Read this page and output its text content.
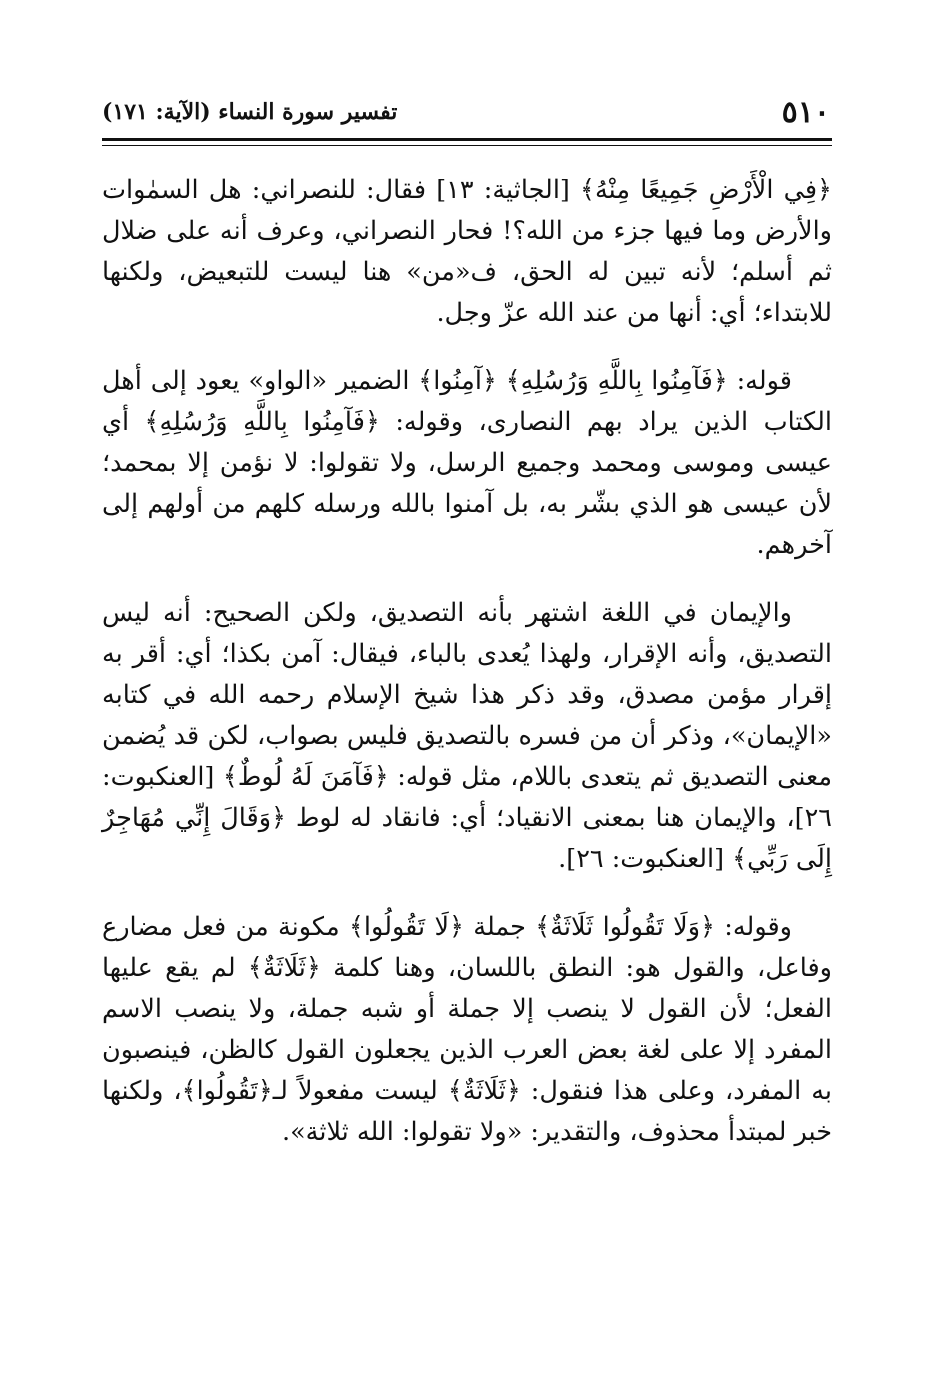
٥١٠
تفسير سورة النساء (الآية: ١٧١)

﴿فِي الْأَرْضِ جَمِيعًا مِنْهُ﴾ [الجاثية: ١٣] فقال: للنصراني: هل السمٰوات والأرض وما فيها جزء من الله؟! فحار النصراني، وعرف أنه على ضلال ثم أسلم؛ لأنه تبين له الحق، ف«من» هنا ليست للتبعيض، ولكنها للابتداء؛ أي: أنها من عند الله عزّ وجل.

قوله: ﴿فَآمِنُوا بِاللَّهِ وَرُسُلِهِ﴾ ﴿آمِنُوا﴾ الضمير «الواو» يعود إلى أهل الكتاب الذين يراد بهم النصارى، وقوله: ﴿فَآمِنُوا بِاللَّهِ وَرُسُلِهِ﴾ أي عيسى وموسى ومحمد وجميع الرسل، ولا تقولوا: لا نؤمن إلا بمحمد؛ لأن عيسى هو الذي بشّر به، بل آمنوا بالله ورسله كلهم من أولهم إلى آخرهم.

والإيمان في اللغة اشتهر بأنه التصديق، ولكن الصحيح: أنه ليس التصديق، وأنه الإقرار، ولهذا يُعدى بالباء، فيقال: آمن بكذا؛ أي: أقر به إقرار مؤمن مصدق، وقد ذكر هذا شيخ الإسلام رحمه الله في كتابه «الإيمان»، وذكر أن من فسره بالتصديق فليس بصواب، لكن قد يُضمن معنى التصديق ثم يتعدى باللام، مثل قوله: ﴿فَآمَنَ لَهُ لُوطٌ﴾ [العنكبوت: ٢٦]، والإيمان هنا بمعنى الانقياد؛ أي: فانقاد له لوط ﴿وَقَالَ إِنِّي مُهَاجِرٌ إِلَى رَبِّي﴾ [العنكبوت: ٢٦].

وقوله: ﴿وَلَا تَقُولُوا ثَلَاثَةٌ﴾ جملة ﴿لَا تَقُولُوا﴾ مكونة من فعل مضارع وفاعل، والقول هو: النطق باللسان، وهنا كلمة ﴿ثَلَاثَةٌ﴾ لم يقع عليها الفعل؛ لأن القول لا ينصب إلا جملة أو شبه جملة، ولا ينصب الاسم المفرد إلا على لغة بعض العرب الذين يجعلون القول كالظن، فينصبون به المفرد، وعلى هذا فنقول: ﴿ثَلَاثَةٌ﴾ ليست مفعولاً لـ﴿تَقُولُوا﴾، ولكنها خبر لمبتدأ محذوف، والتقدير: «ولا تقولوا: الله ثلاثة».
